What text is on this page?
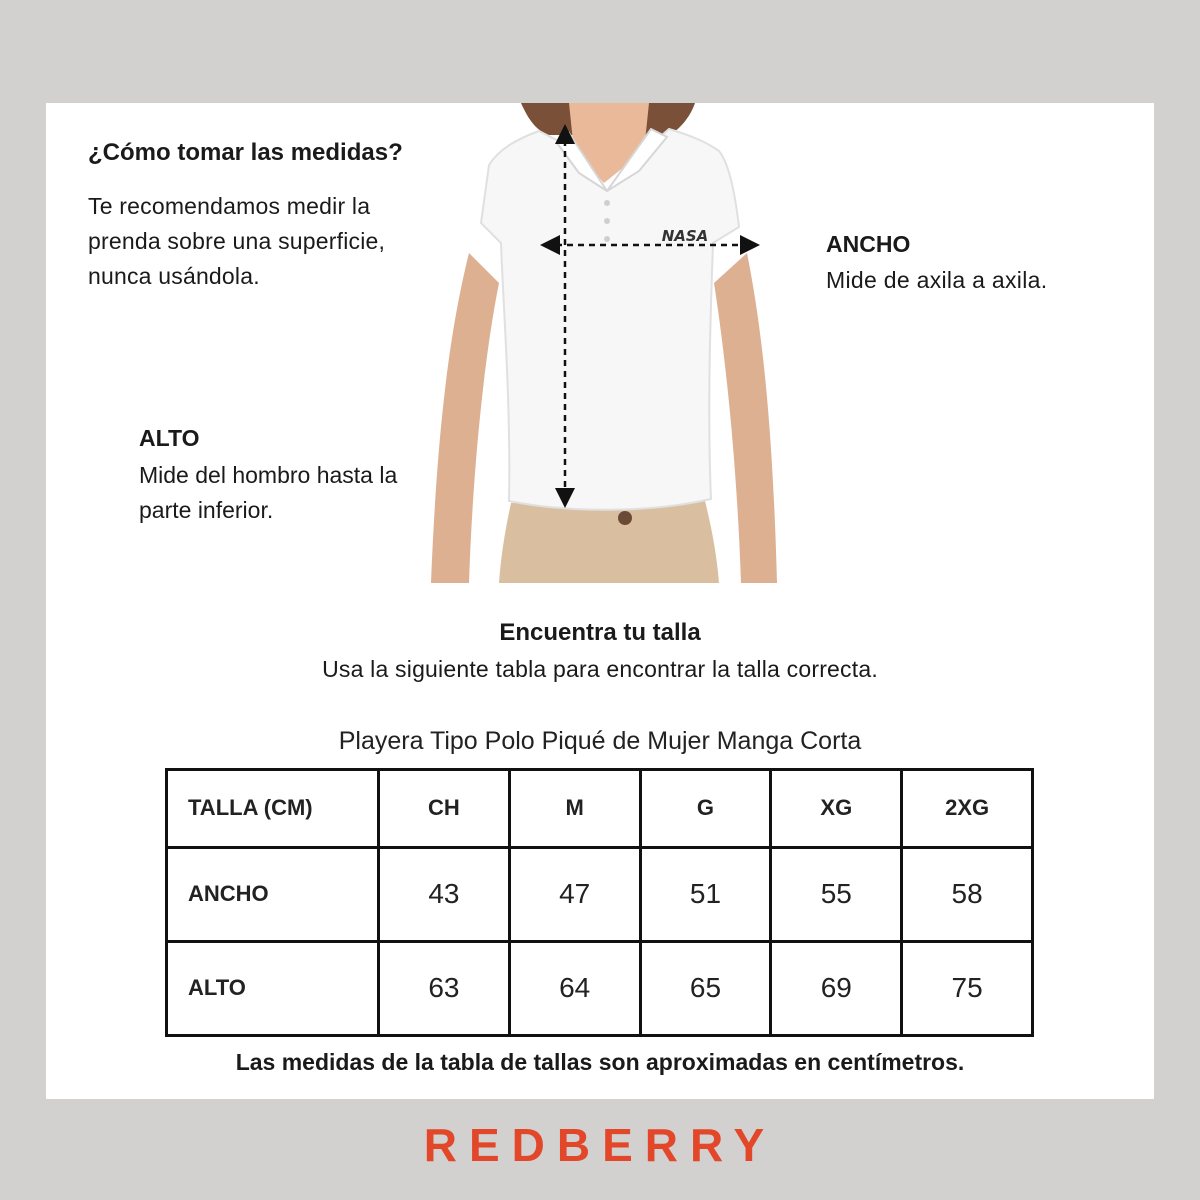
¿Cómo tomar las medidas?

Te recomendamos medir la prenda sobre una superficie, nunca usándola.

NASA	ANCHO

Mide de axila a axila.

ALTO

Mide del hombro hasta la parte inferior.

Encuentra tu talla

Usa la siguiente tabla para encontrar la talla correcta.

Playera Tipo Polo Piqué de Mujer Manga Corta

TALLA (CM)	CH	M	G	XG	2XG
ANCHO	43	47	51	55	58
ALTO	63	64	65	69	75

Las medidas de la tabla de tallas son aproximadas en centímetros.

REDBERRY
